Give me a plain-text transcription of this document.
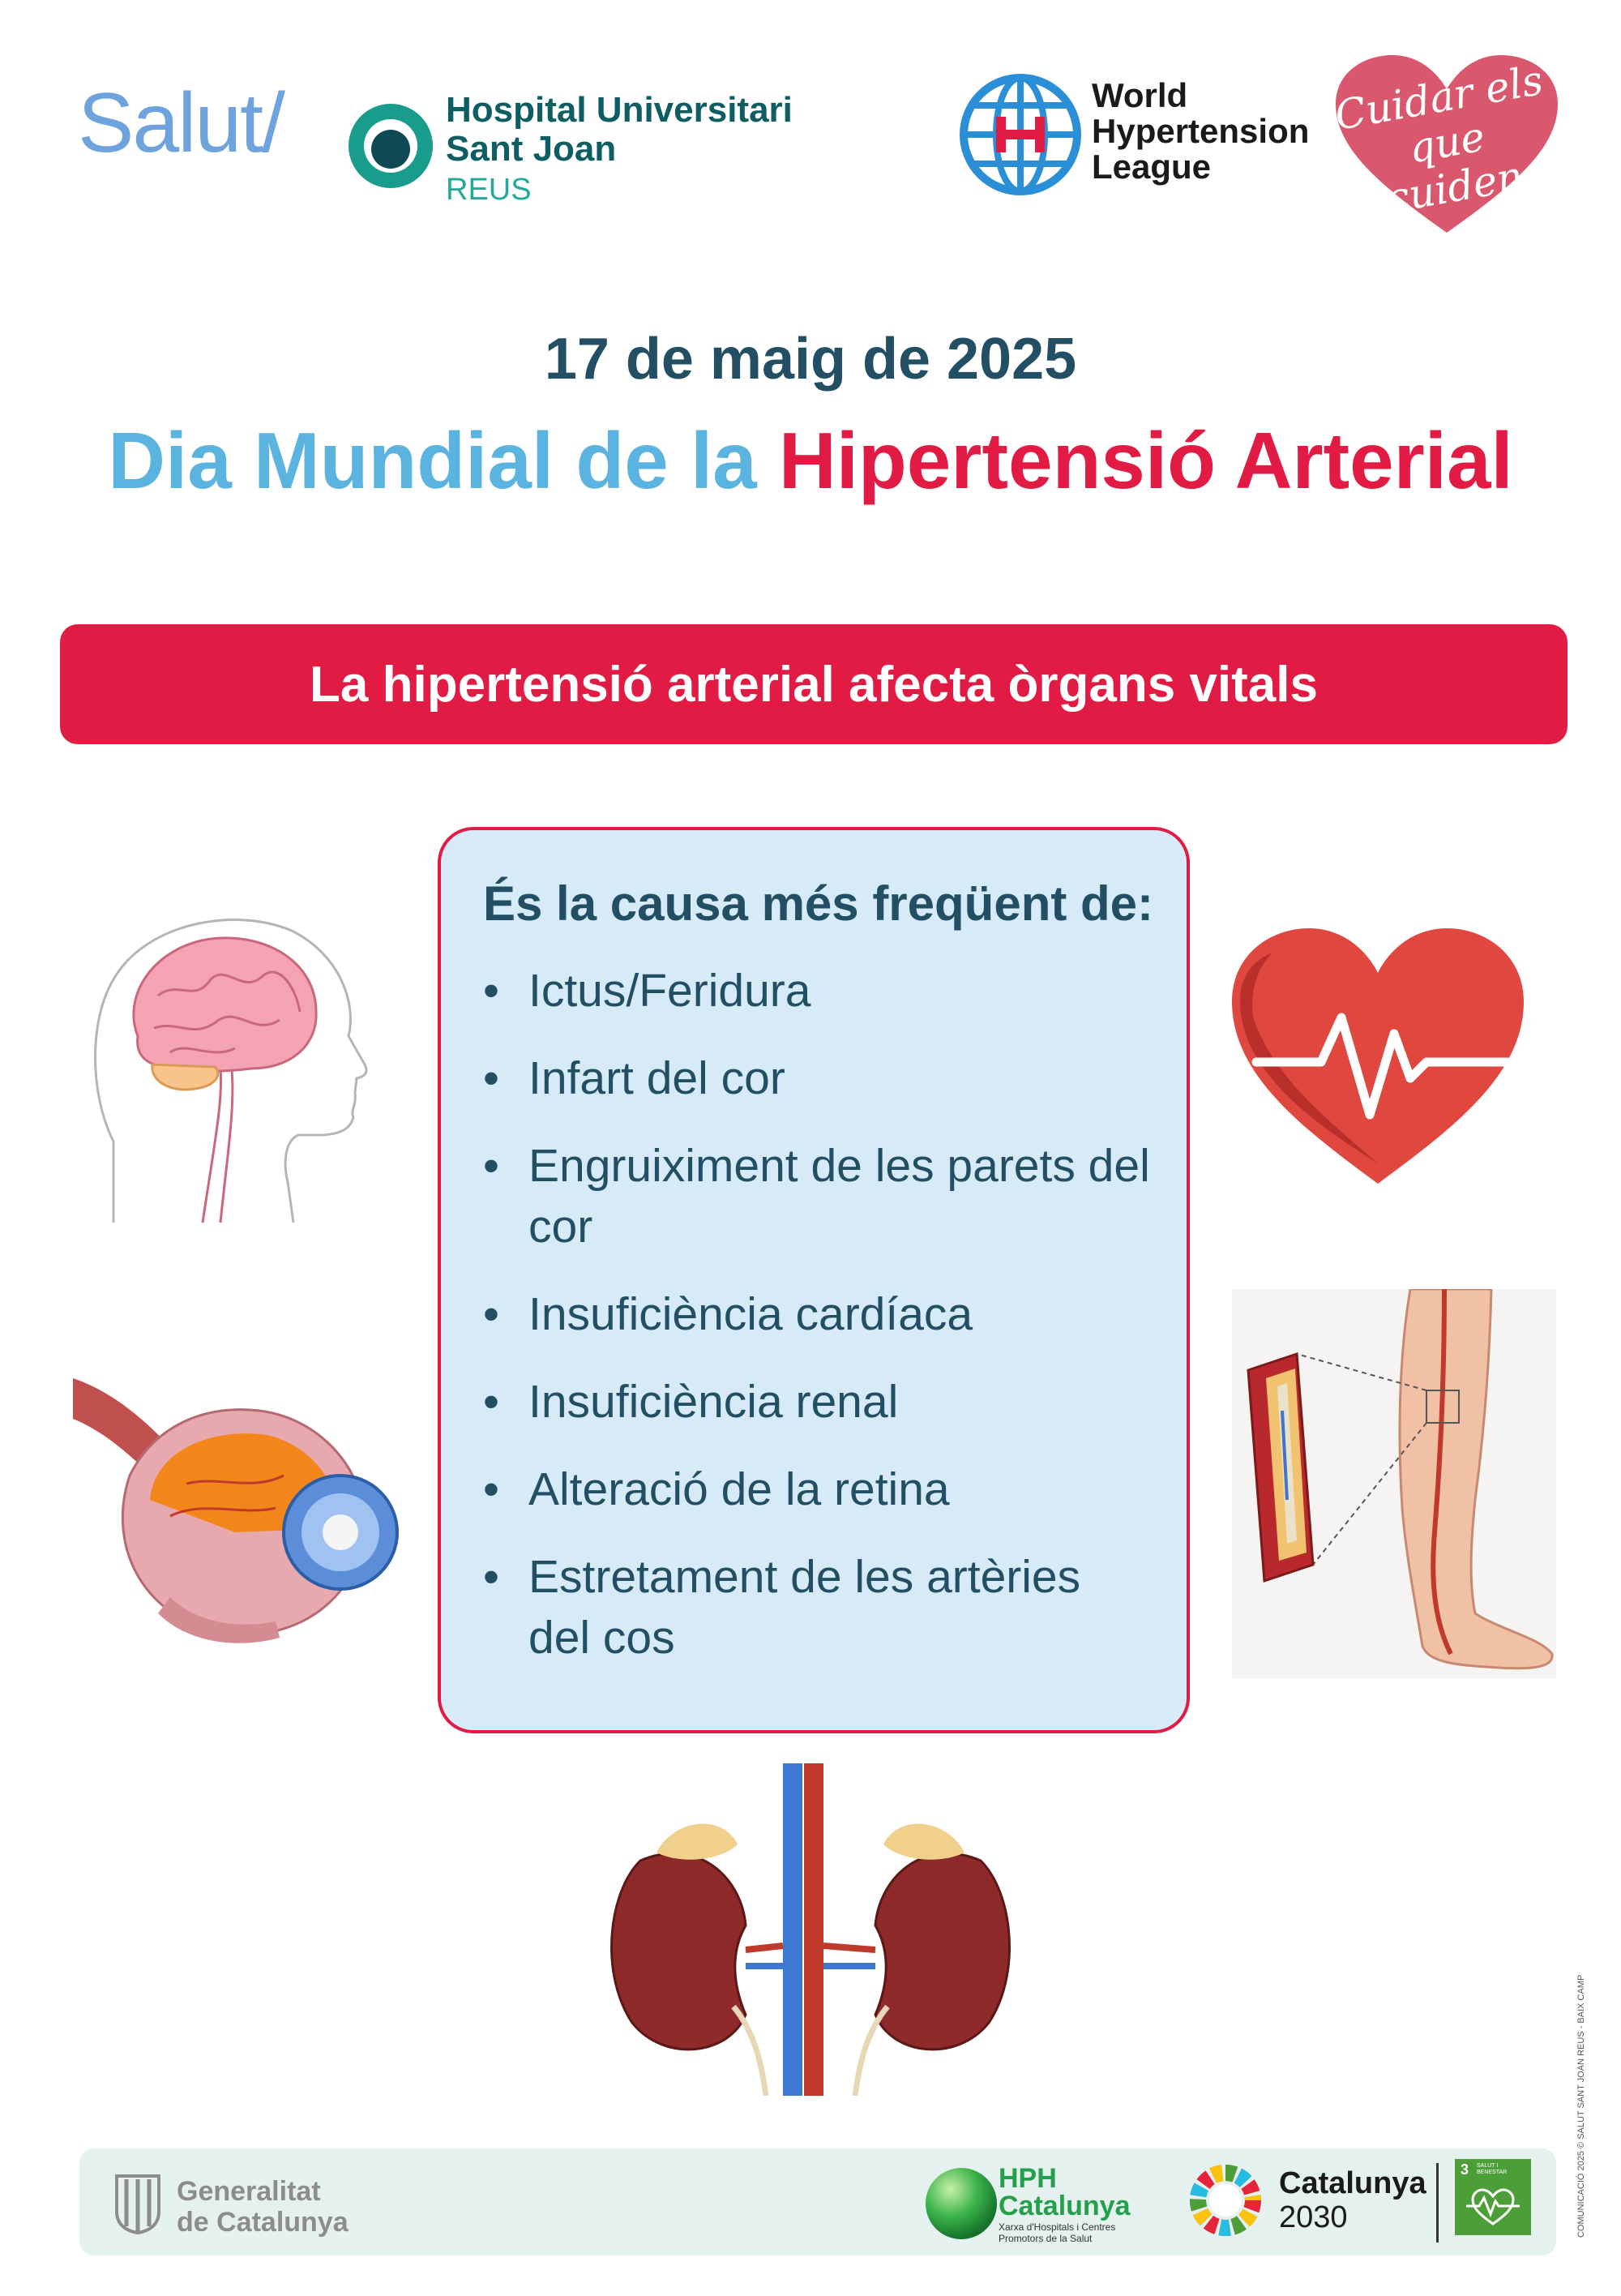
Salut/	Hospital Universitari
Sant Joan
REUS
World
Hypertension
League
Cuidar els que cuiden
17 de maig de 2025
Dia Mundial de la Hipertensió Arterial
La hipertensió arterial afecta òrgans vitals
És la causa més freqüent de:
• Ictus/Feridura
• Infart del cor
• Engruiximent de les parets del cor
• Insuficiència cardíaca
• Insuficiència renal
• Alteració de la retina
• Estretament de les artèries del cos
Generalitat
de Catalunya
HPH
Catalunya
Xarxa d'Hospitals i Centres
Promotors de la Salut
Catalunya
2030
3 SALUT I BENESTAR	COMUNICACIÓ 2025 © SALUT SANT JOAN REUS - BAIX CAMP
